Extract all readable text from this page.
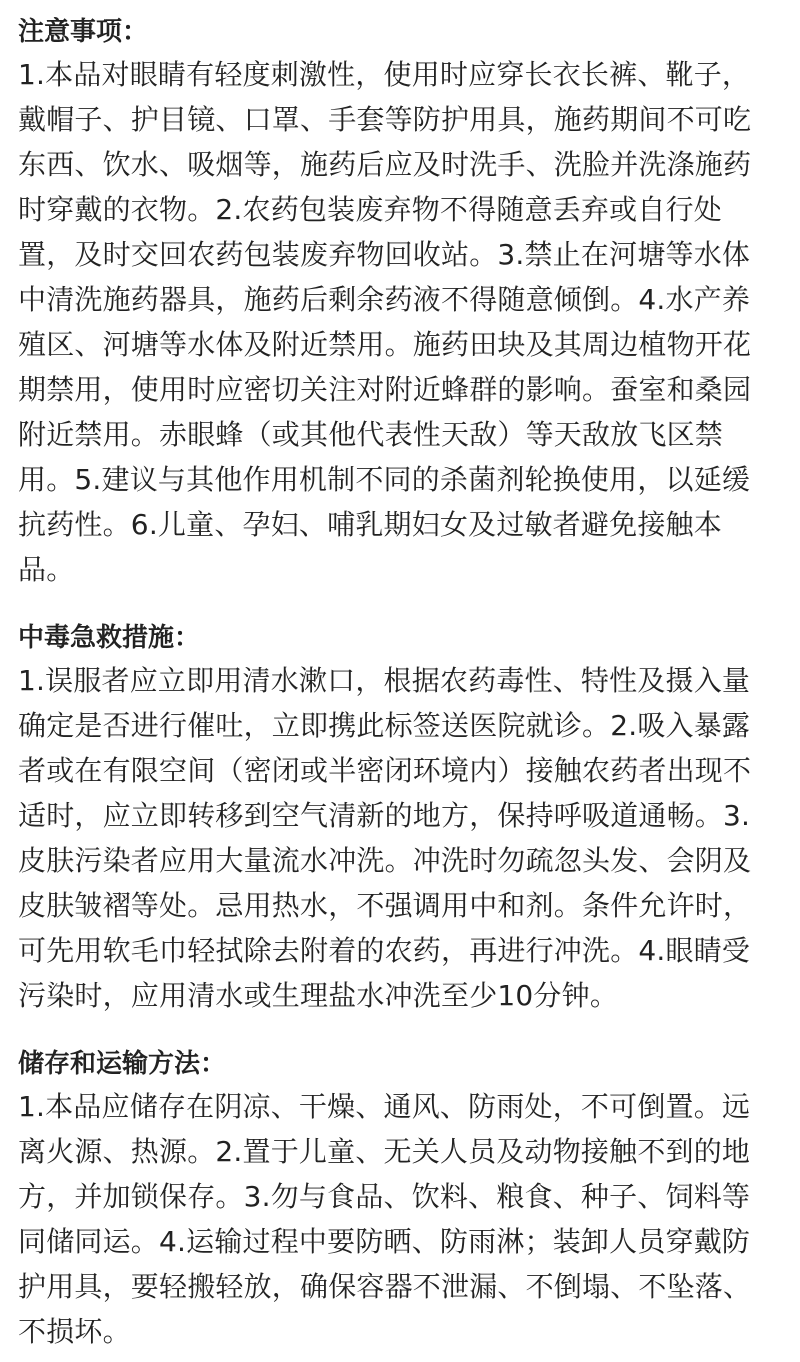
注意事项：

1.本品对眼睛有轻度刺激性，使用时应穿长衣长裤、靴子，戴帽子、护目镜、口罩、手套等防护用具，施药期间不可吃东西、饮水、吸烟等，施药后应及时洗手、洗脸并洗涤施药时穿戴的衣物。2.农药包装废弃物不得随意丢弃或自行处置，及时交回农药包装废弃物回收站。3.禁止在河塘等水体中清洗施药器具，施药后剩余药液不得随意倾倒。4.水产养殖区、河塘等水体及附近禁用。施药田块及其周边植物开花期禁用，使用时应密切关注对附近蜂群的影响。蚕室和桑园附近禁用。赤眼蜂（或其他代表性天敌）等天敌放飞区禁用。5.建议与其他作用机制不同的杀菌剂轮换使用，以延缓抗药性。6.儿童、孕妇、哺乳期妇女及过敏者避免接触本品。

中毒急救措施：

1.误服者应立即用清水漱口，根据农药毒性、特性及摄入量确定是否进行催吐，立即携此标签送医院就诊。2.吸入暴露者或在有限空间（密闭或半密闭环境内）接触农药者出现不适时，应立即转移到空气清新的地方，保持呼吸道通畅。3.皮肤污染者应用大量流水冲洗。冲洗时勿疏忽头发、会阴及皮肤皱褶等处。忌用热水，不强调用中和剂。条件允许时，可先用软毛巾轻拭除去附着的农药，再进行冲洗。4.眼睛受污染时，应用清水或生理盐水冲洗至少10分钟。

储存和运输方法：

1.本品应储存在阴凉、干燥、通风、防雨处，不可倒置。远离火源、热源。2.置于儿童、无关人员及动物接触不到的地方，并加锁保存。3.勿与食品、饮料、粮食、种子、饲料等同储同运。4.运输过程中要防晒、防雨淋；装卸人员穿戴防护用具，要轻搬轻放，确保容器不泄漏、不倒塌、不坠落、不损坏。
